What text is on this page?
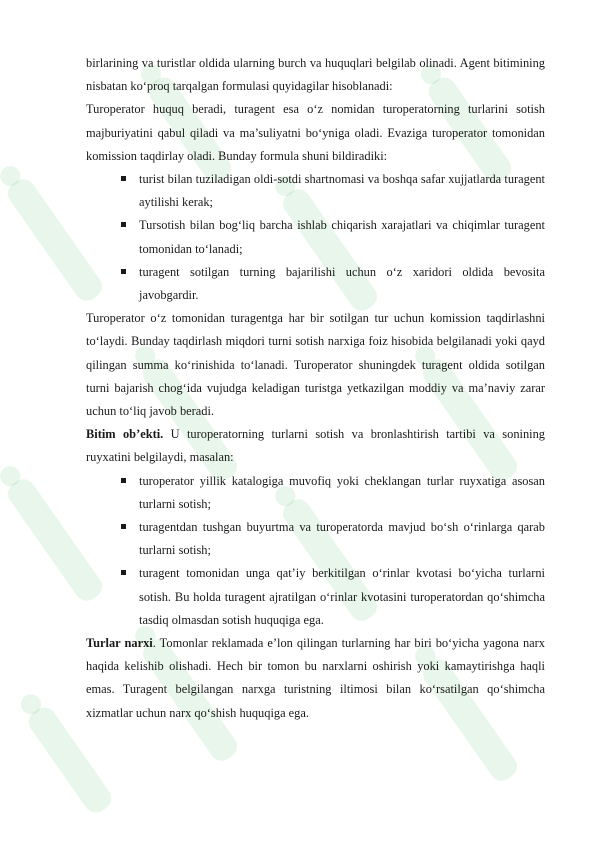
birlarining va turistlar oldida ularning burch va huquqlari belgilab olinadi. Agent bitimining nisbatan ko‘proq tarqalgan formulasi quyidagilar hisoblanadi:

Turoperator huquq beradi, turagent esa o‘z nomidan turoperatorning turlarini sotish majburiyatini qabul qiladi va ma’suliyatni bo‘yniga oladi. Evaziga turoperator tomonidan komission taqdirlay oladi. Bunday formula shuni bildiradiki:

turist bilan tuziladigan oldi-sotdi shartnomasi va boshqa safar xujjatlarda turagent aytilishi kerak;
Tursotish bilan bog‘liq barcha ishlab chiqarish xarajatlari va chiqimlar turagent tomonidan to‘lanadi;
turagent sotilgan turning bajarilishi uchun o‘z xaridori oldida bevosita javobgardir.

Turoperator o‘z tomonidan turagentga har bir sotilgan tur uchun komission taqdirlashni to‘laydi. Bunday taqdirlash miqdori turni sotish narxiga foiz hisobida belgilanadi yoki qayd qilingan summa ko‘rinishida to‘lanadi. Turoperator shuningdek turagent oldida sotilgan turni bajarish chog‘ida vujudga keladigan turistga yetkazilgan moddiy va ma’naviy zarar uchun to‘liq javob beradi.

Bitim ob’ekti. U turoperatorning turlarni sotish va bronlashtirish tartibi va sonining ruyxatini belgilaydi, masalan:

turoperator yillik katalogiga muvofiq yoki cheklangan turlar ruyxatiga asosan turlarni sotish;
turagentdan tushgan buyurtma va turoperatorda mavjud bo‘sh o‘rinlarga qarab turlarni sotish;
turagent tomonidan unga qat’iy berkitilgan o‘rinlar kvotasi bo‘yicha turlarni sotish. Bu holda turagent ajratilgan o‘rinlar kvotasini turoperatordan qo‘shimcha tasdiq olmasdan sotish huquqiga ega.

Turlar narxi. Tomonlar reklamada e’lon qilingan turlarning har biri bo‘yicha yagona narx haqida kelishib olishadi. Hech bir tomon bu narxlarni oshirish yoki kamaytirishga haqli emas. Turagent belgilangan narxga turistning iltimosi bilan ko‘rsatilgan qo‘shimcha xizmatlar uchun narx qo‘shish huquqiga ega.
